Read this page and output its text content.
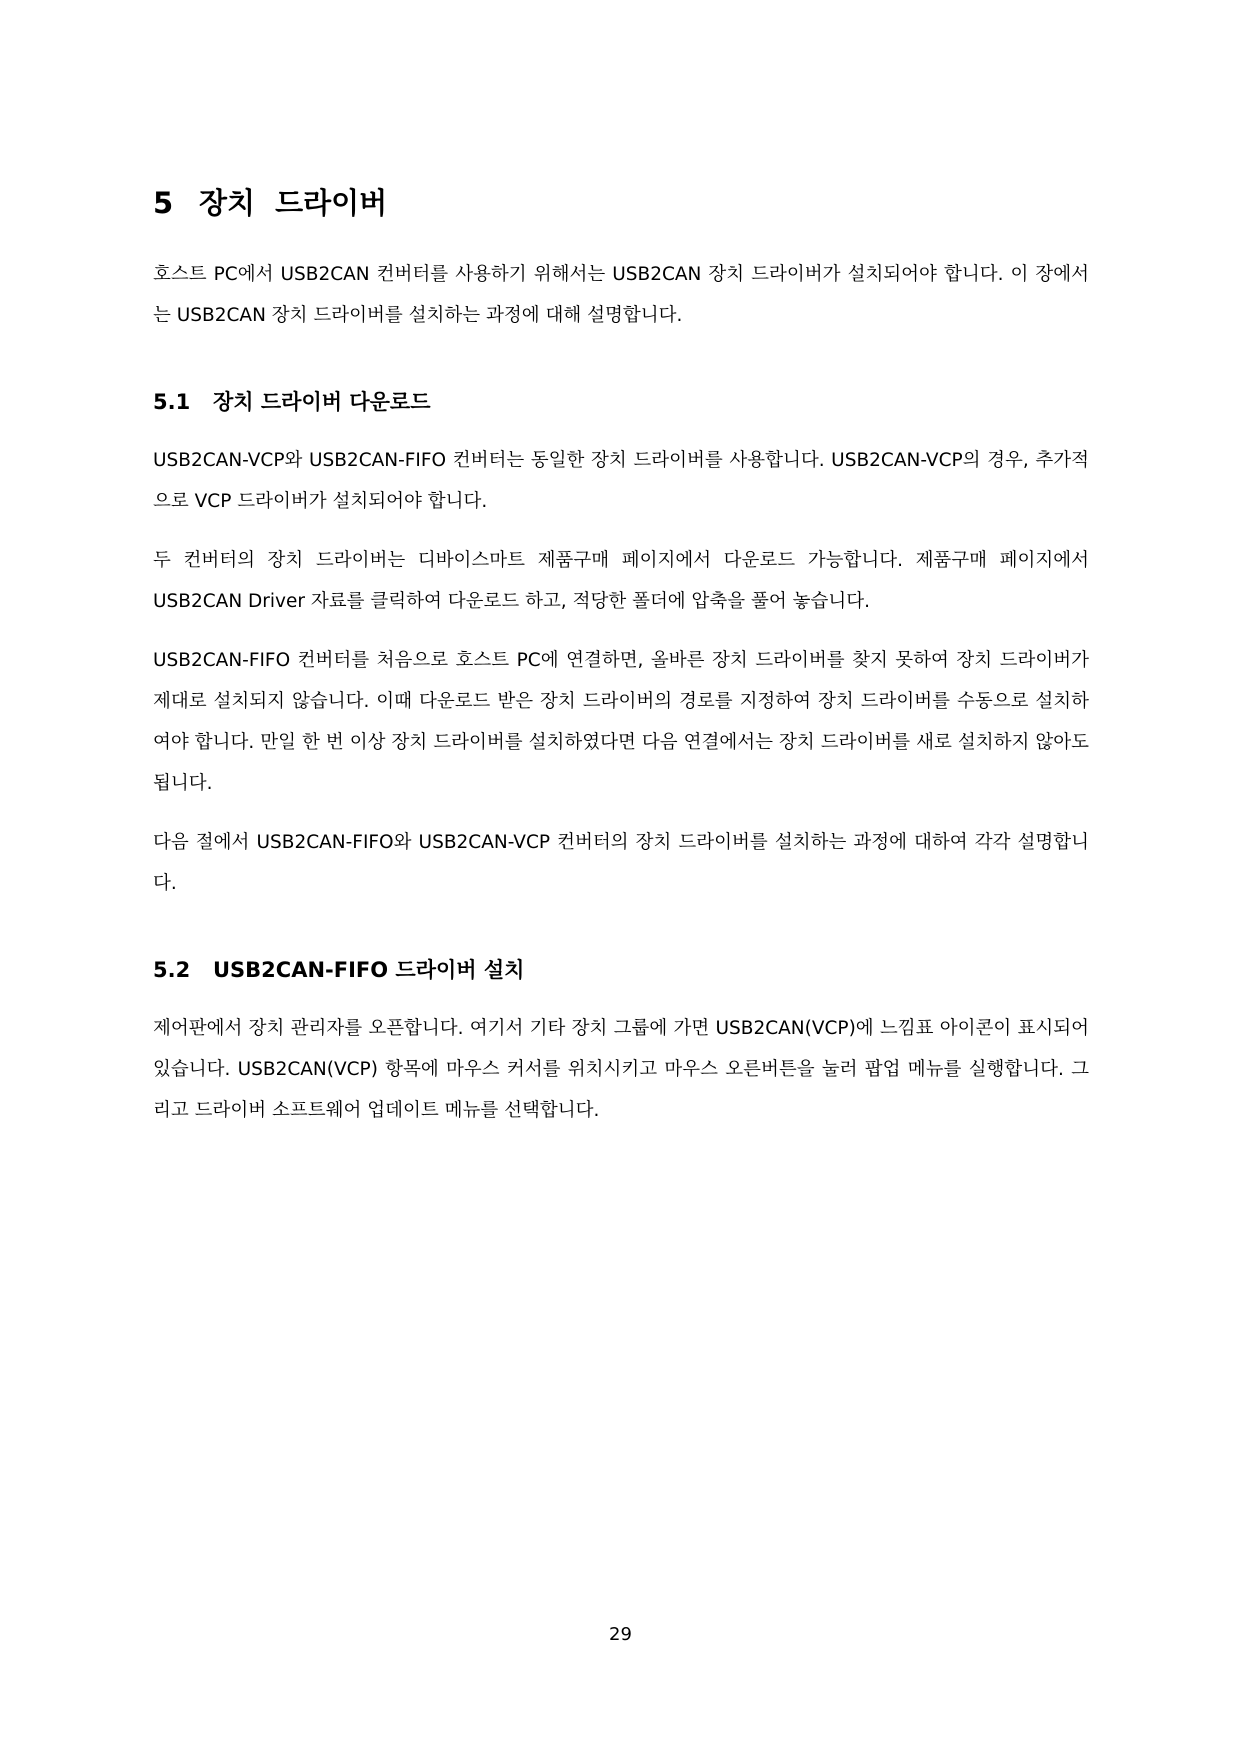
5 장치 드라이버

호스트 PC에서 USB2CAN 컨버터를 사용하기 위해서는 USB2CAN 장치 드라이버가 설치되어야 합니다. 이 장에서는 USB2CAN 장치 드라이버를 설치하는 과정에 대해 설명합니다.

5.1 장치 드라이버 다운로드

USB2CAN-VCP와 USB2CAN-FIFO 컨버터는 동일한 장치 드라이버를 사용합니다. USB2CAN-VCP의 경우, 추가적으로 VCP 드라이버가 설치되어야 합니다.

두 컨버터의 장치 드라이버는 디바이스마트 제품구매 페이지에서 다운로드 가능합니다. 제품구매 페이지에서 USB2CAN Driver 자료를 클릭하여 다운로드 하고, 적당한 폴더에 압축을 풀어 놓습니다.

USB2CAN-FIFO 컨버터를 처음으로 호스트 PC에 연결하면, 올바른 장치 드라이버를 찾지 못하여 장치 드라이버가 제대로 설치되지 않습니다. 이때 다운로드 받은 장치 드라이버의 경로를 지정하여 장치 드라이버를 수동으로 설치하여야 합니다. 만일 한 번 이상 장치 드라이버를 설치하였다면 다음 연결에서는 장치 드라이버를 새로 설치하지 않아도 됩니다.

다음 절에서 USB2CAN-FIFO와 USB2CAN-VCP 컨버터의 장치 드라이버를 설치하는 과정에 대하여 각각 설명합니다.

5.2 USB2CAN-FIFO 드라이버 설치

제어판에서 장치 관리자를 오픈합니다. 여기서 기타 장치 그룹에 가면 USB2CAN(VCP)에 느낌표 아이콘이 표시되어 있습니다. USB2CAN(VCP) 항목에 마우스 커서를 위치시키고 마우스 오른버튼을 눌러 팝업 메뉴를 실행합니다. 그리고 드라이버 소프트웨어 업데이트 메뉴를 선택합니다.

29
